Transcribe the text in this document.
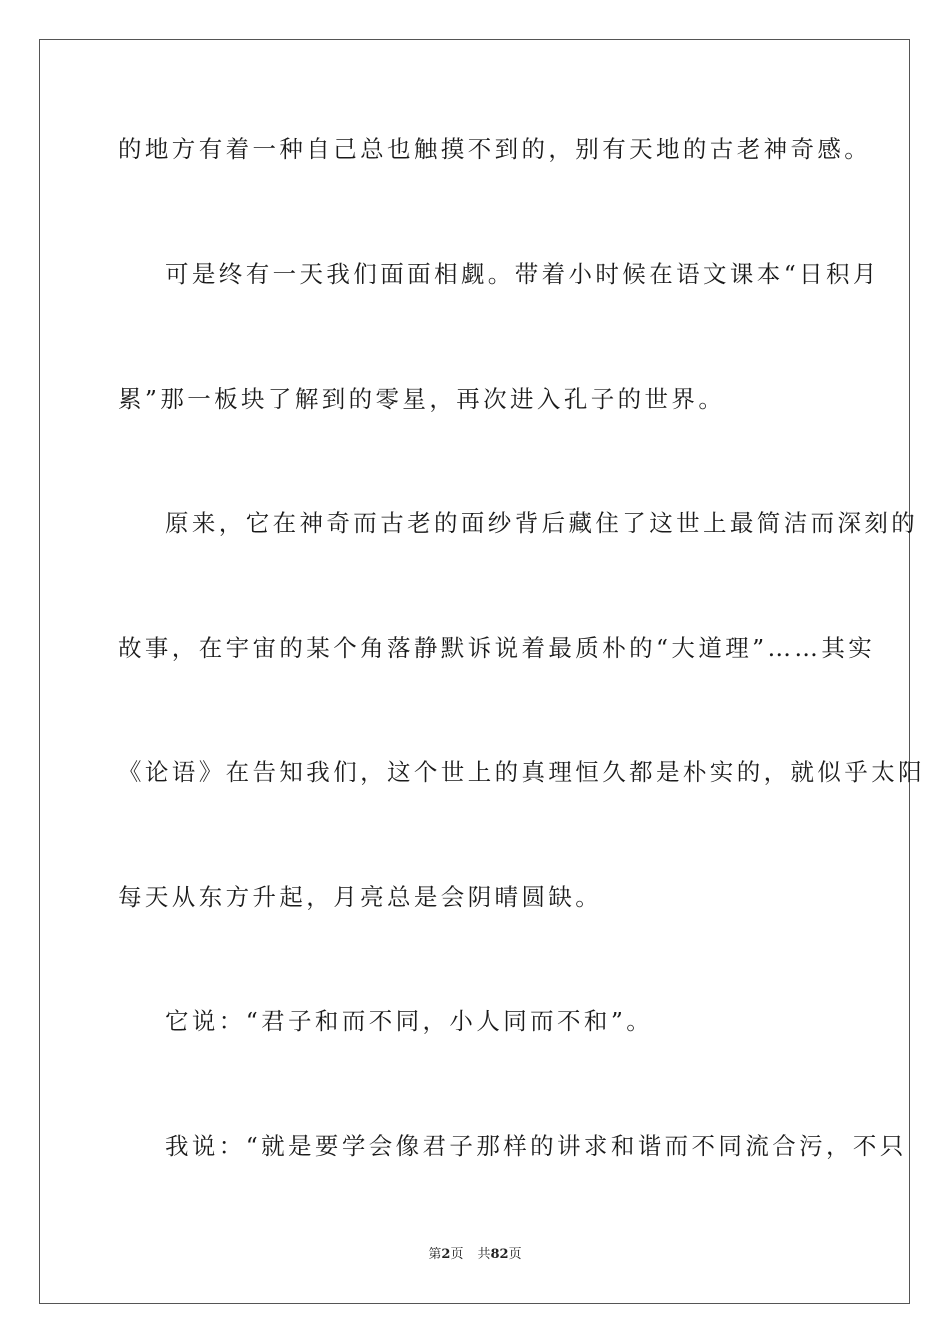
的地方有着一种自己总也触摸不到的，别有天地的古老神奇感。
可是终有一天我们面面相觑。带着小时候在语文课本“日积月
累”那一板块了解到的零星，再次进入孔子的世界。
原来，它在神奇而古老的面纱背后藏住了这世上最简洁而深刻的
故事，在宇宙的某个角落静默诉说着最质朴的“大道理”……其实
《论语》在告知我们，这个世上的真理恒久都是朴实的，就似乎太阳
每天从东方升起，月亮总是会阴晴圆缺。
它说：“君子和而不同，小人同而不和”。
我说：“就是要学会像君子那样的讲求和谐而不同流合污，不只
第2页 共82页
